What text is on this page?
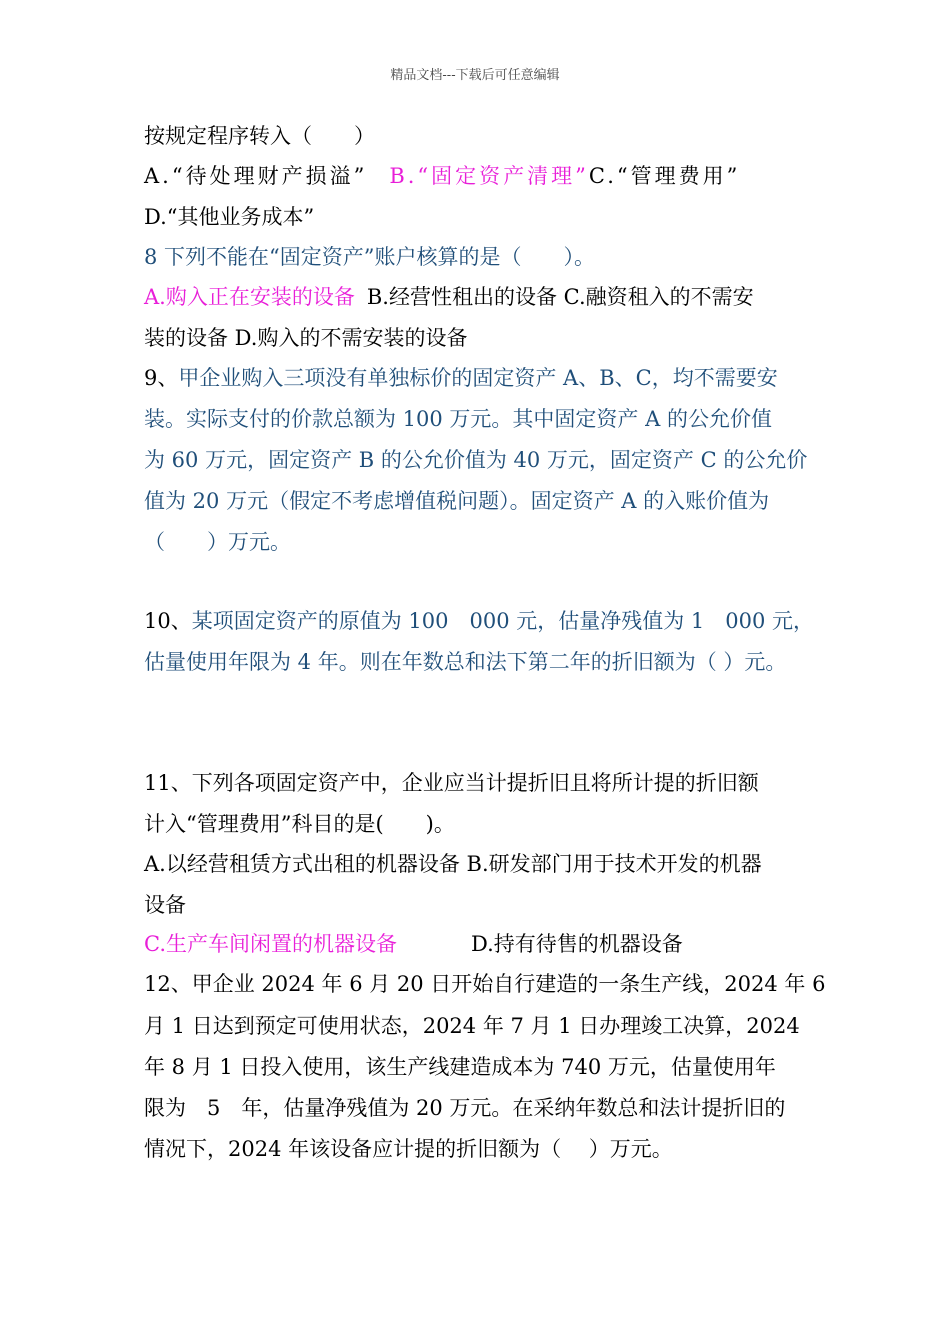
精品文档---下载后可任意编辑
按规定程序转入（　　）
A.“待处理财产损溢” B.“固定资产清理”C.“管理费用”
D.“其他业务成本”
8 下列不能在“固定资产”账户核算的是（　　）。
A.购入正在安装的设备 B.经营性租出的设备 C.融资租入的不需安
装的设备 D.购入的不需安装的设备
9、甲企业购入三项没有单独标价的固定资产 A、B、C，均不需要安
装。实际支付的价款总额为 100 万元。其中固定资产 A 的公允价值
为 60 万元，固定资产 B 的公允价值为 40 万元，固定资产 C 的公允价
值为 20 万元（假定不考虑增值税问题）。固定资产 A 的入账价值为
（　　）万元。
10、某项固定资产的原值为 100　000 元，估量净残值为 1　000 元，
估量使用年限为 4 年。则在年数总和法下第二年的折旧额为（ ）元。
11、下列各项固定资产中，企业应当计提折旧且将所计提的折旧额
计入“管理费用”科目的是(　　)。
A.以经营租赁方式出租的机器设备 B.研发部门用于技术开发的机器
设备
C.生产车间闲置的机器设备	D.持有待售的机器设备
12、甲企业 2024 年 6 月 20 日开始自行建造的一条生产线，2024 年 6
月 1 日达到预定可使用状态，2024 年 7 月 1 日办理竣工决算，2024
年 8 月 1 日投入使用，该生产线建造成本为 740 万元，估量使用年
限为　5　年，估量净残值为 20 万元。在采纳年数总和法计提折旧的
情况下，2024 年该设备应计提的折旧额为（　 ）万元。
